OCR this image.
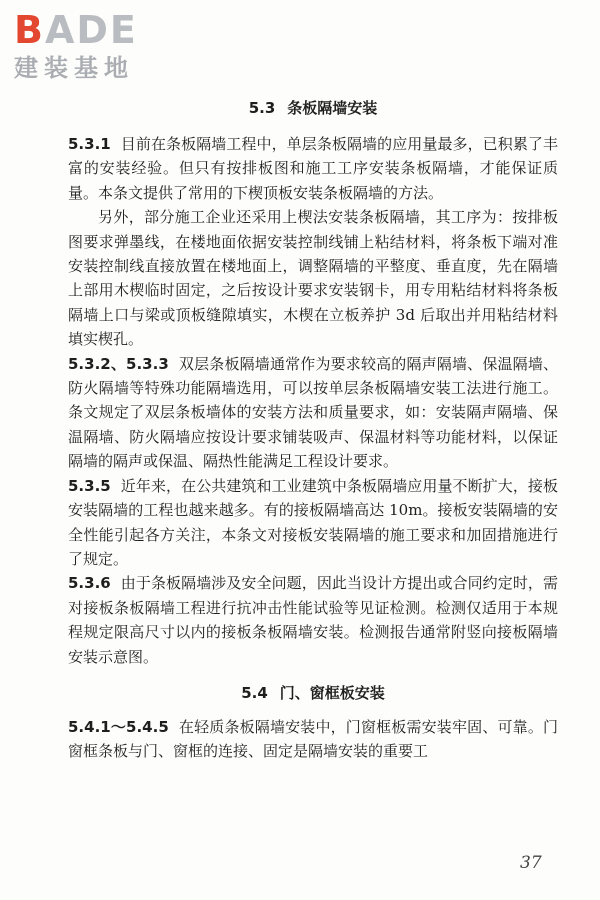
BADE
建装基地
5.3 条板隔墙安装

5.3.1 目前在条板隔墙工程中，单层条板隔墙的应用量最多，已积累了丰富的安装经验。但只有按排板图和施工工序安装条板隔墙，才能保证质量。本条文提供了常用的下楔顶板安装条板隔墙的方法。

另外，部分施工企业还采用上楔法安装条板隔墙，其工序为：按排板图要求弹墨线，在楼地面依据安装控制线铺上粘结材料，将条板下端对准安装控制线直接放置在楼地面上，调整隔墙的平整度、垂直度，先在隔墙上部用木楔临时固定，之后按设计要求安装钢卡，用专用粘结材料将条板隔墙上口与梁或顶板缝隙填实，木楔在立板养护 3d 后取出并用粘结材料填实楔孔。

5.3.2、5.3.3 双层条板隔墙通常作为要求较高的隔声隔墙、保温隔墙、防火隔墙等特殊功能隔墙选用，可以按单层条板隔墙安装工法进行施工。条文规定了双层条板墙体的安装方法和质量要求，如：安装隔声隔墙、保温隔墙、防火隔墙应按设计要求铺装吸声、保温材料等功能材料，以保证隔墙的隔声或保温、隔热性能满足工程设计要求。

5.3.5 近年来，在公共建筑和工业建筑中条板隔墙应用量不断扩大，接板安装隔墙的工程也越来越多。有的接板隔墙高达 10m。接板安装隔墙的安全性能引起各方关注，本条文对接板安装隔墙的施工要求和加固措施进行了规定。

5.3.6 由于条板隔墙涉及安全问题，因此当设计方提出或合同约定时，需对接板条板隔墙工程进行抗冲击性能试验等见证检测。检测仅适用于本规程规定限高尺寸以内的接板条板隔墙安装。检测报告通常附竖向接板隔墙安装示意图。

5.4 门、窗框板安装

5.4.1～5.4.5 在轻质条板隔墙安装中，门窗框板需安装牢固、可靠。门窗框条板与门、窗框的连接、固定是隔墙安装的重要工

37
